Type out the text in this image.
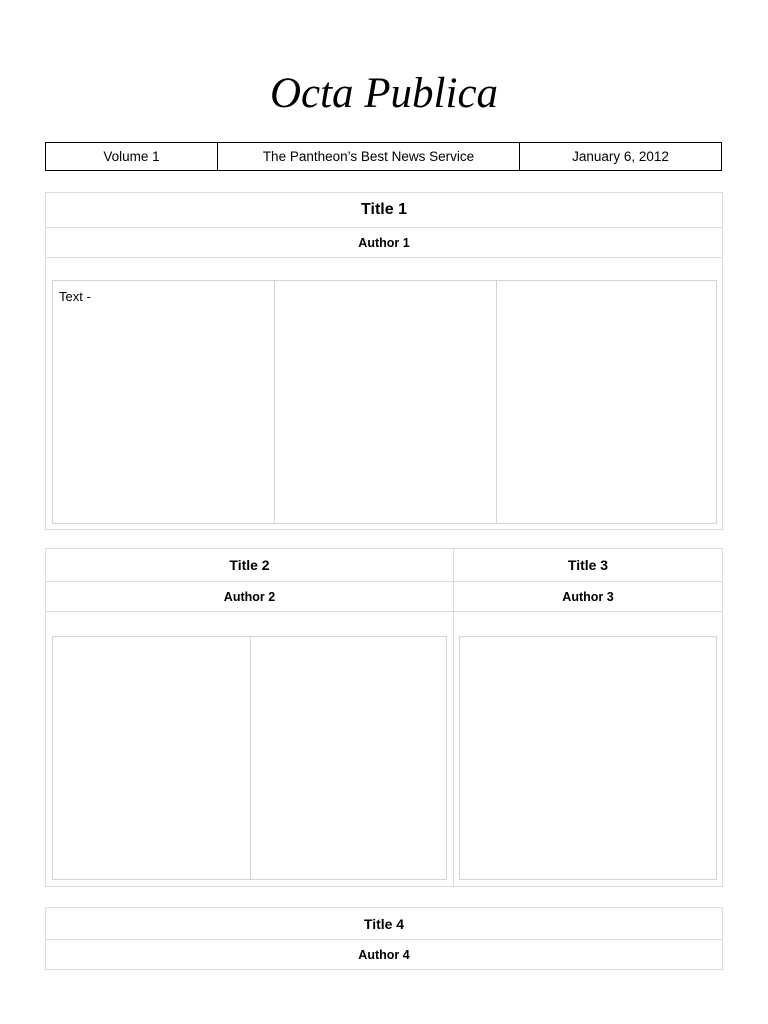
Octa Publica
Volume 1	The Pantheon’s Best News Service	January 6, 2012
Title 1
Author 1
Text -
Title 2
Author 2
Title 3
Author 3
Title 4
Author 4
